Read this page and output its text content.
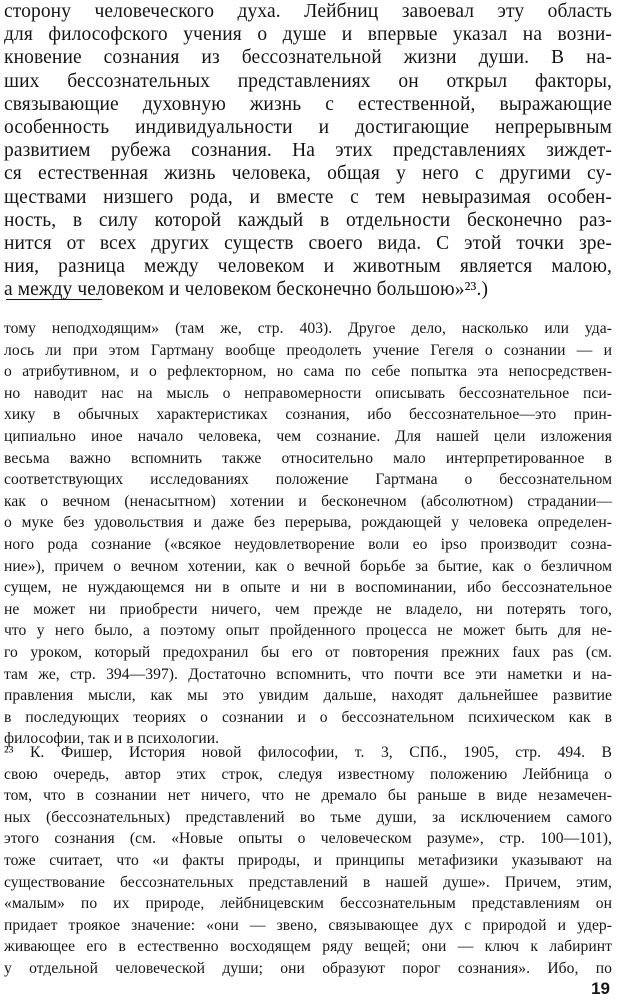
сторону человеческого духа. Лейбниц завоевал эту область
для философского учения о душе и впервые указал на возни-
кновение сознания из бессознательной жизни души. В на-
ших бессознательных представлениях он открыл факторы,
связывающие духовную жизнь с естественной, выражающие
особенность индивидуальности и достигающие непрерывным
развитием рубежа сознания. На этих представлениях зиждет-
ся естественная жизнь человека, общая у него с другими су-
ществами низшего рода, и вместе с тем невыразимая особен-
ность, в силу которой каждый в отдельности бесконечно раз-
нится от всех других существ своего вида. С этой точки зре-
ния, разница между человеком и животным является малою,
а между человеком и человеком бесконечно большою»²³.)
тому неподходящим» (там же, стр. 403). Другое дело, насколько или уда-
лось ли при этом Гартману вообще преодолеть учение Гегеля о сознании — и
о атрибутивном, и о рефлекторном, но сама по себе попытка эта непосредствен-
но наводит нас на мысль о неправомерности описывать бессознательное пси-
хику в обычных характеристиках сознания, ибо бессознательное—это прин-
ципиально иное начало человека, чем сознание. Для нашей цели изложения
весьма важно вспомнить также относительно мало интерпретированное в
соответствующих исследованиях положение Гартмана о бессознательном
как о вечном (ненасытном) хотении и бесконечном (абсолютном) страдании—
о муке без удовольствия и даже без перерыва, рождающей у человека определен-
ного рода сознание («всякое неудовлетворение воли eo ipso производит созна-
ние»), причем о вечном хотении, как о вечной борьбе за бытие, как о безличном
сущем, не нуждающемся ни в опыте и ни в воспоминании, ибо бессознательное
не может ни приобрести ничего, чем прежде не владело, ни потерять того,
что у него было, а поэтому опыт пройденного процесса не может быть для не-
го уроком, который предохранил бы его от повторения прежних faux pas (см.
там же, стр. 394—397). Достаточно вспомнить, что почти все эти наметки и на-
правления мысли, как мы это увидим дальше, находят дальнейшее развитие
в последующих теориях о сознании и о бессознательном психическом как в
философии, так и в психологии.
²³ К. Фишер, История новой философии, т. 3, СПб., 1905, стр. 494. В
свою очередь, автор этих строк, следуя известному положению Лейбница о
том, что в сознании нет ничего, что не дремало бы раньше в виде незамечен-
ных (бессознательных) представлений во тьме души, за исключением самого
этого сознания (см. «Новые опыты о человеческом разуме», стр. 100—101),
тоже считает, что «и факты природы, и принципы метафизики указывают на
существование бессознательных представлений в нашей душе». Причем, этим,
«малым» по их природе, лейбницевским бессознательным представлениям он
придает троякое значение: «они — звено, связывающее дух с природой и удер-
живающее его в естественно восходящем ряду вещей; они — ключ к лабиринт
у отдельной человеческой души; они образуют порог сознания». Ибо, по
19
